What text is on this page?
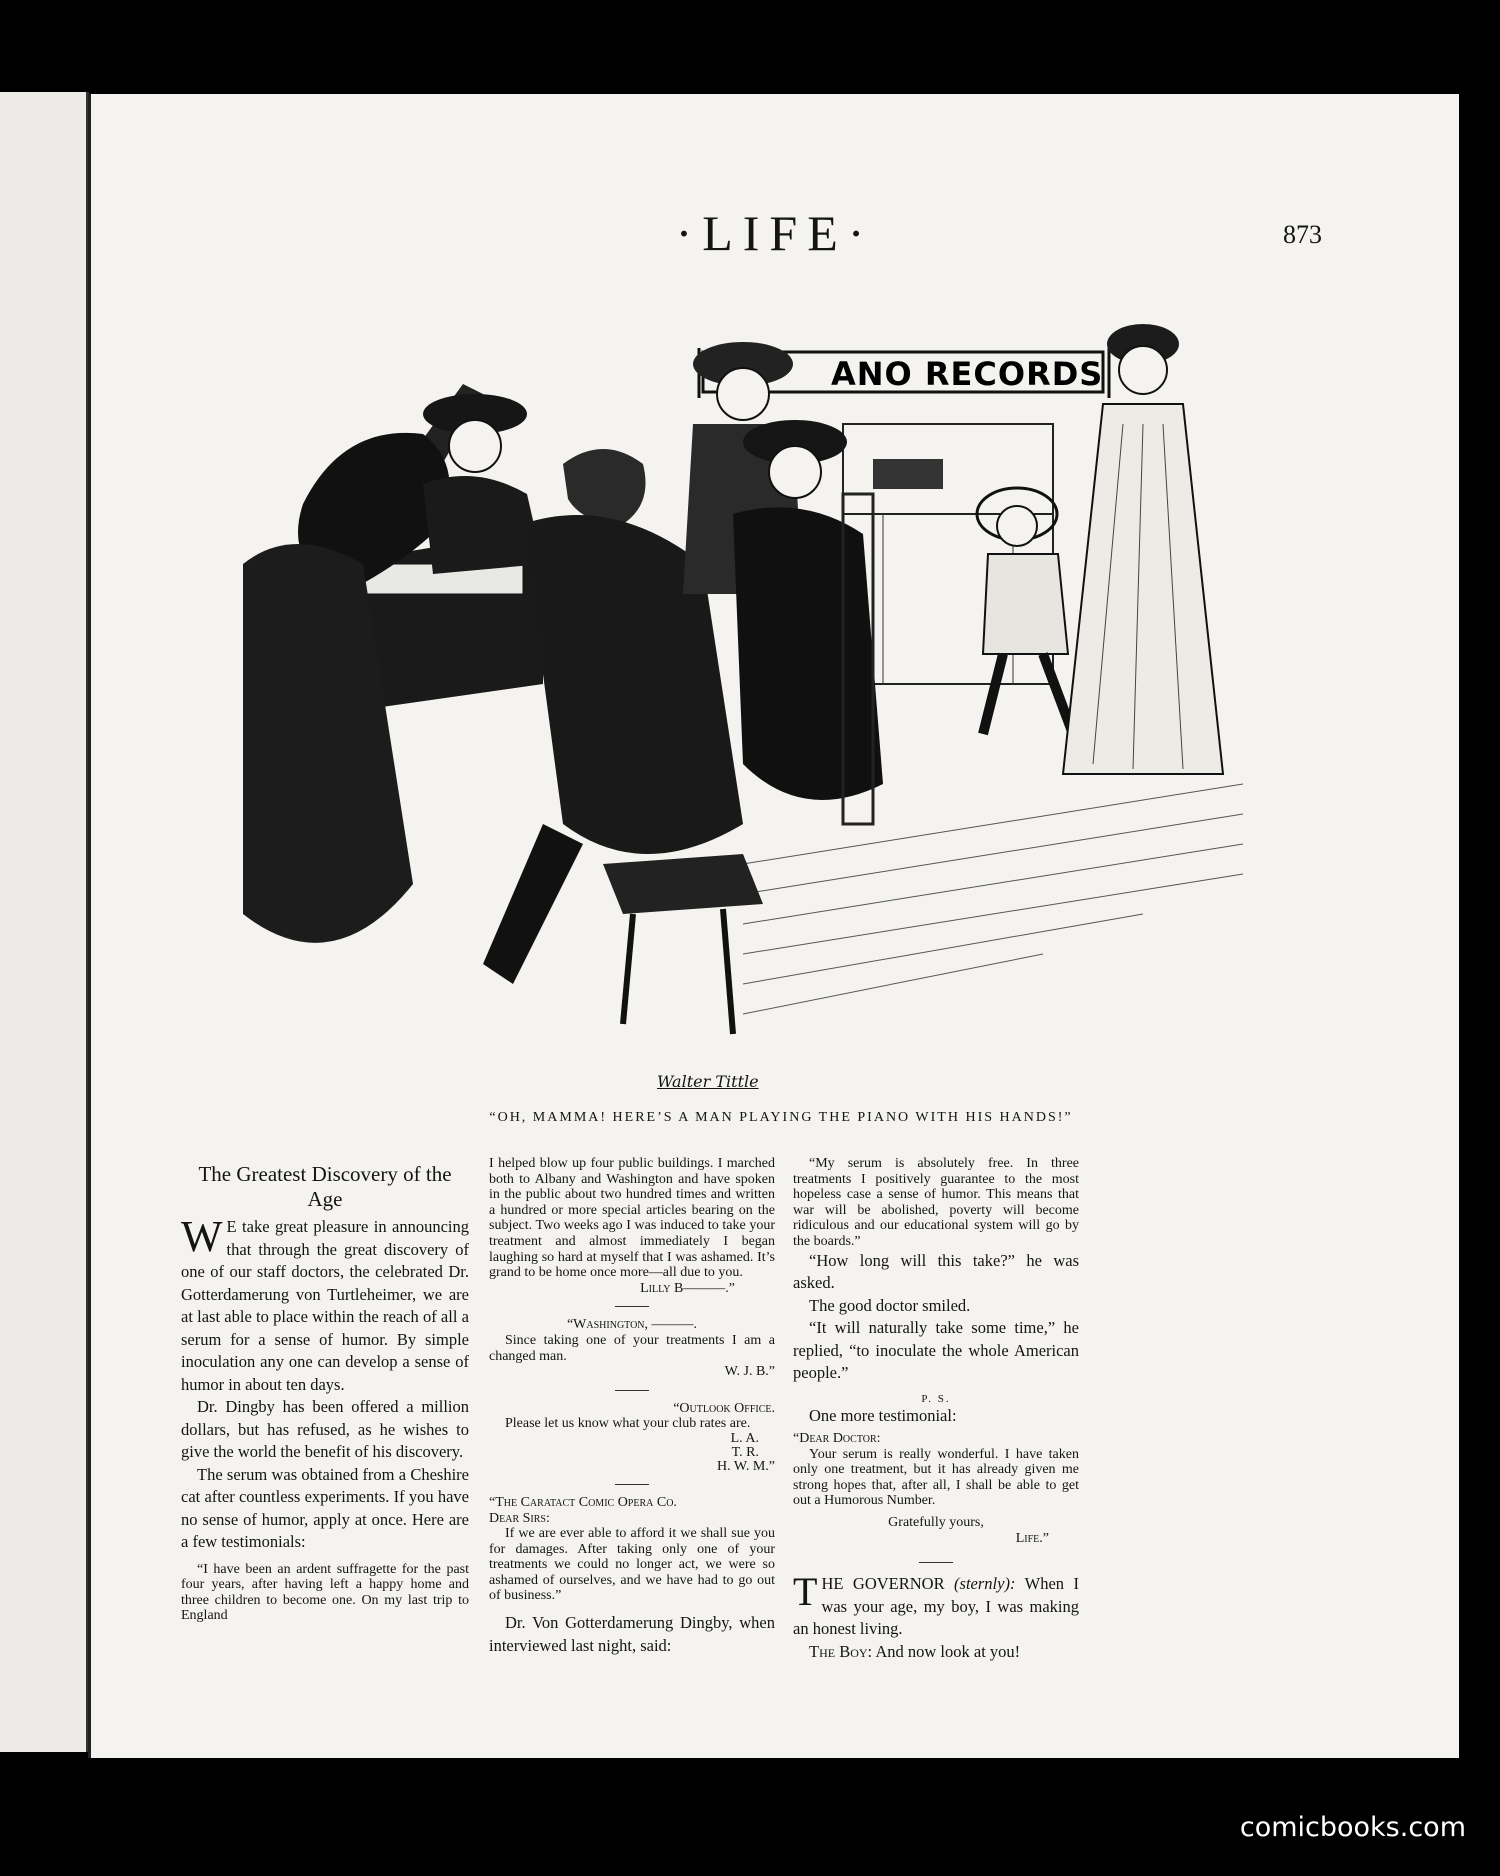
·LIFE·	873
ANO RECORDS
Walter Tittle
“OH, MAMMA! HERE’S A MAN PLAYING THE PIANO WITH HIS HANDS!”
The Greatest Discovery of the Age

W E take great pleasure in announcing that through the great discovery of one of our staff doctors, the celebrated Dr. Gotterdamerung von Turtleheimer, we are at last able to place within the reach of all a serum for a sense of humor. By simple inoculation any one can develop a sense of humor in about ten days.

Dr. Dingby has been offered a million dollars, but has refused, as he wishes to give the world the benefit of his discovery.

The serum was obtained from a Cheshire cat after countless experiments. If you have no sense of humor, apply at once. Here are a few testimonials:

“I have been an ardent suffragette for the past four years, after having left a happy home and three children to become one. On my last trip to England

I helped blow up four public buildings. I marched both to Albany and Washington and have spoken in the public about two hundred times and written a hundred or more special articles bearing on the subject. Two weeks ago I was induced to take your treatment and almost immediately I began laughing so hard at myself that I was ashamed. It’s grand to be home once more—all due to you.

Lilly B———.”

“Washington, ———.

Since taking one of your treatments I am a changed man.

W. J. B.”

“Outlook Office.

Please let us know what your club rates are.

L. A.
T. R.
H. W. M.”

“The Caratact Comic Opera Co.

Dear Sirs:

If we are ever able to afford it we shall sue you for damages. After taking only one of your treatments we could no longer act, we were so ashamed of ourselves, and we have had to go out of business.”

Dr. Von Gotterdamerung Dingby, when interviewed last night, said:

“My serum is absolutely free. In three treatments I positively guarantee to the most hopeless case a sense of humor. This means that war will be abolished, poverty will become ridiculous and our educational system will go by the boards.”

“How long will this take?” he was asked.

The good doctor smiled.

“It will naturally take some time,” he replied, “to inoculate the whole American people.”

P. S.

One more testimonial:

“Dear Doctor:

Your serum is really wonderful. I have taken only one treatment, but it has already given me strong hopes that, after all, I shall be able to get out a Humorous Number.

Gratefully yours,

Life.”

THE GOVERNOR (sternly): When I was your age, my boy, I was making an honest living.

The Boy: And now look at you!

comicbooks.com
